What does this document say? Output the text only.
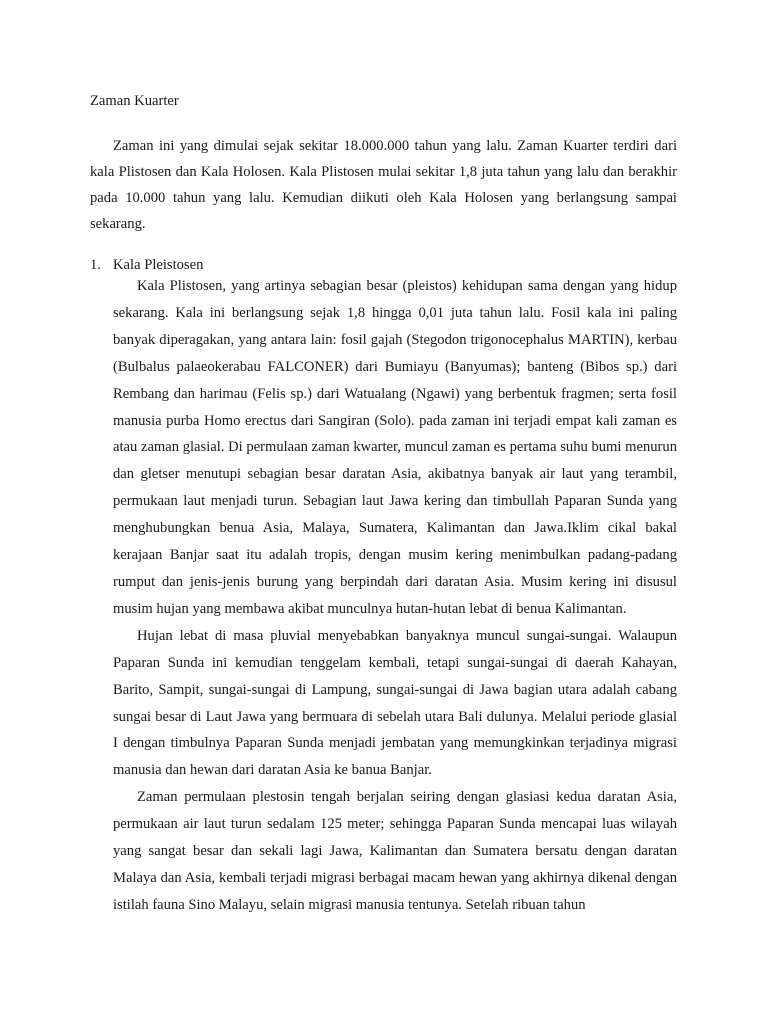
Zaman Kuarter

Zaman ini yang dimulai sejak sekitar 18.000.000 tahun yang lalu. Zaman Kuarter terdiri dari kala Plistosen dan Kala Holosen. Kala Plistosen mulai sekitar 1,8 juta tahun yang lalu dan berakhir pada 10.000 tahun yang lalu. Kemudian diikuti oleh Kala Holosen yang berlangsung sampai sekarang.

1. Kala Pleistosen

Kala Plistosen, yang artinya sebagian besar (pleistos) kehidupan sama dengan yang hidup sekarang. Kala ini berlangsung sejak 1,8 hingga 0,01 juta tahun lalu. Fosil kala ini paling banyak diperagakan, yang antara lain: fosil gajah (Stegodon trigonocephalus MARTIN), kerbau (Bulbalus palaeokerabau FALCONER) dari Bumiayu (Banyumas); banteng (Bibos sp.) dari Rembang dan harimau (Felis sp.) dari Watualang (Ngawi) yang berbentuk fragmen; serta fosil manusia purba Homo erectus dari Sangiran (Solo). pada zaman ini terjadi empat kali zaman es atau zaman glasial. Di permulaan zaman kwarter, muncul zaman es pertama suhu bumi menurun dan gletser menutupi sebagian besar daratan Asia, akibatnya banyak air laut yang terambil, permukaan laut menjadi turun. Sebagian laut Jawa kering dan timbullah Paparan Sunda yang menghubungkan benua Asia, Malaya, Sumatera, Kalimantan dan Jawa.Iklim cikal bakal kerajaan Banjar saat itu adalah tropis, dengan musim kering menimbulkan padang-padang rumput dan jenis-jenis burung yang berpindah dari daratan Asia. Musim kering ini disusul musim hujan yang membawa akibat munculnya hutan-hutan lebat di benua Kalimantan.

Hujan lebat di masa pluvial menyebabkan banyaknya muncul sungai-sungai. Walaupun Paparan Sunda ini kemudian tenggelam kembali, tetapi sungai-sungai di daerah Kahayan, Barito, Sampit, sungai-sungai di Lampung, sungai-sungai di Jawa bagian utara adalah cabang sungai besar di Laut Jawa yang bermuara di sebelah utara Bali dulunya. Melalui periode glasial I dengan timbulnya Paparan Sunda menjadi jembatan yang memungkinkan terjadinya migrasi manusia dan hewan dari daratan Asia ke banua Banjar.

Zaman permulaan plestosin tengah berjalan seiring dengan glasiasi kedua daratan Asia, permukaan air laut turun sedalam 125 meter; sehingga Paparan Sunda mencapai luas wilayah yang sangat besar dan sekali lagi Jawa, Kalimantan dan Sumatera bersatu dengan daratan Malaya dan Asia, kembali terjadi migrasi berbagai macam hewan yang akhirnya dikenal dengan istilah fauna Sino Malayu, selain migrasi manusia tentunya. Setelah ribuan tahun
